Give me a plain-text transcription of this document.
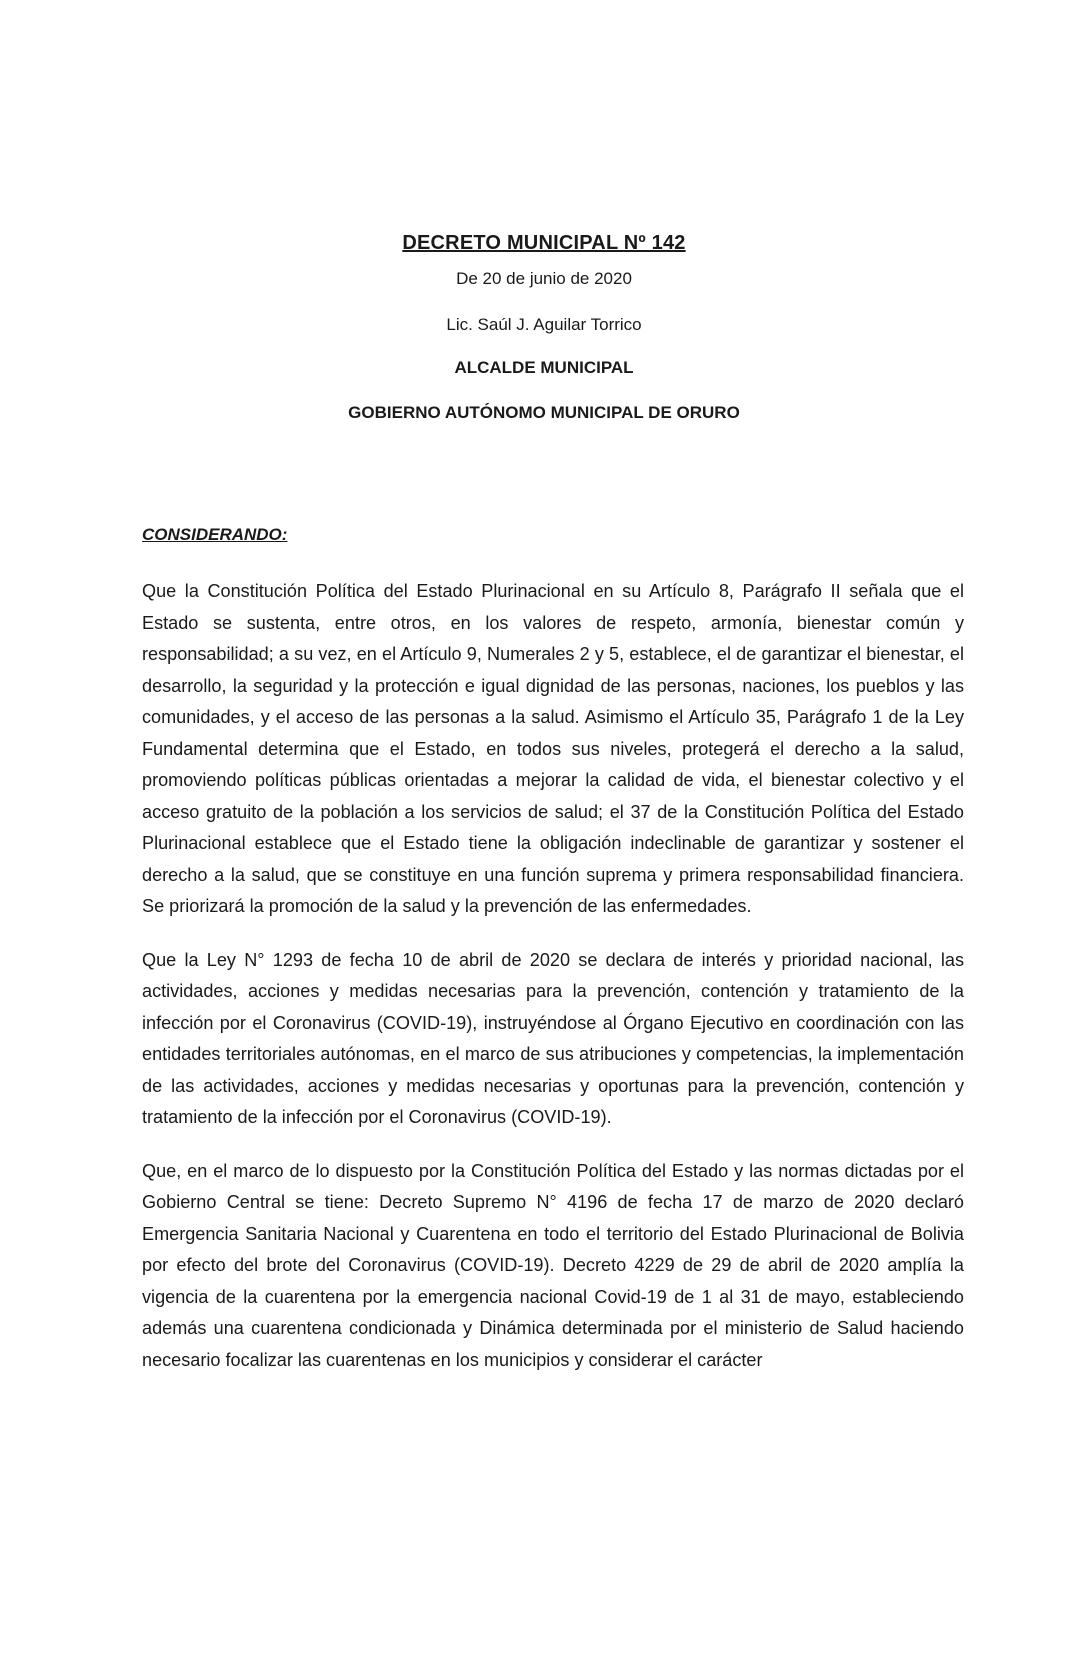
DECRETO MUNICIPAL Nº 142
De 20 de junio de 2020
Lic. Saúl J. Aguilar Torrico
ALCALDE MUNICIPAL
GOBIERNO AUTÓNOMO MUNICIPAL DE ORURO
CONSIDERANDO:

Que la Constitución Política del Estado Plurinacional en su Artículo 8, Parágrafo II señala que el Estado se sustenta, entre otros, en los valores de respeto, armonía, bienestar común y responsabilidad; a su vez, en el Artículo 9, Numerales 2 y 5, establece, el de garantizar el bienestar, el desarrollo, la seguridad y la protección e igual dignidad de las personas, naciones, los pueblos y las comunidades, y el acceso de las personas a la salud. Asimismo el Artículo 35, Parágrafo 1 de la Ley Fundamental determina que el Estado, en todos sus niveles, protegerá el derecho a la salud, promoviendo políticas públicas orientadas a mejorar la calidad de vida, el bienestar colectivo y el acceso gratuito de la población a los servicios de salud; el 37 de la Constitución Política del Estado Plurinacional establece que el Estado tiene la obligación indeclinable de garantizar y sostener el derecho a la salud, que se constituye en una función suprema y primera responsabilidad financiera. Se priorizará la promoción de la salud y la prevención de las enfermedades.

Que la Ley N° 1293 de fecha 10 de abril de 2020 se declara de interés y prioridad nacional, las actividades, acciones y medidas necesarias para la prevención, contención y tratamiento de la infección por el Coronavirus (COVID-19), instruyéndose al Órgano Ejecutivo en coordinación con las entidades territoriales autónomas, en el marco de sus atribuciones y competencias, la implementación de las actividades, acciones y medidas necesarias y oportunas para la prevención, contención y tratamiento de la infección por el Coronavirus (COVID-19).

Que, en el marco de lo dispuesto por la Constitución Política del Estado y las normas dictadas por el Gobierno Central se tiene: Decreto Supremo N° 4196 de fecha 17 de marzo de 2020 declaró Emergencia Sanitaria Nacional y Cuarentena en todo el territorio del Estado Plurinacional de Bolivia por efecto del brote del Coronavirus (COVID-19). Decreto 4229 de 29 de abril de 2020 amplía la vigencia de la cuarentena por la emergencia nacional Covid-19 de 1 al 31 de mayo, estableciendo además una cuarentena condicionada y Dinámica determinada por el ministerio de Salud haciendo necesario focalizar las cuarentenas en los municipios y considerar el carácter
